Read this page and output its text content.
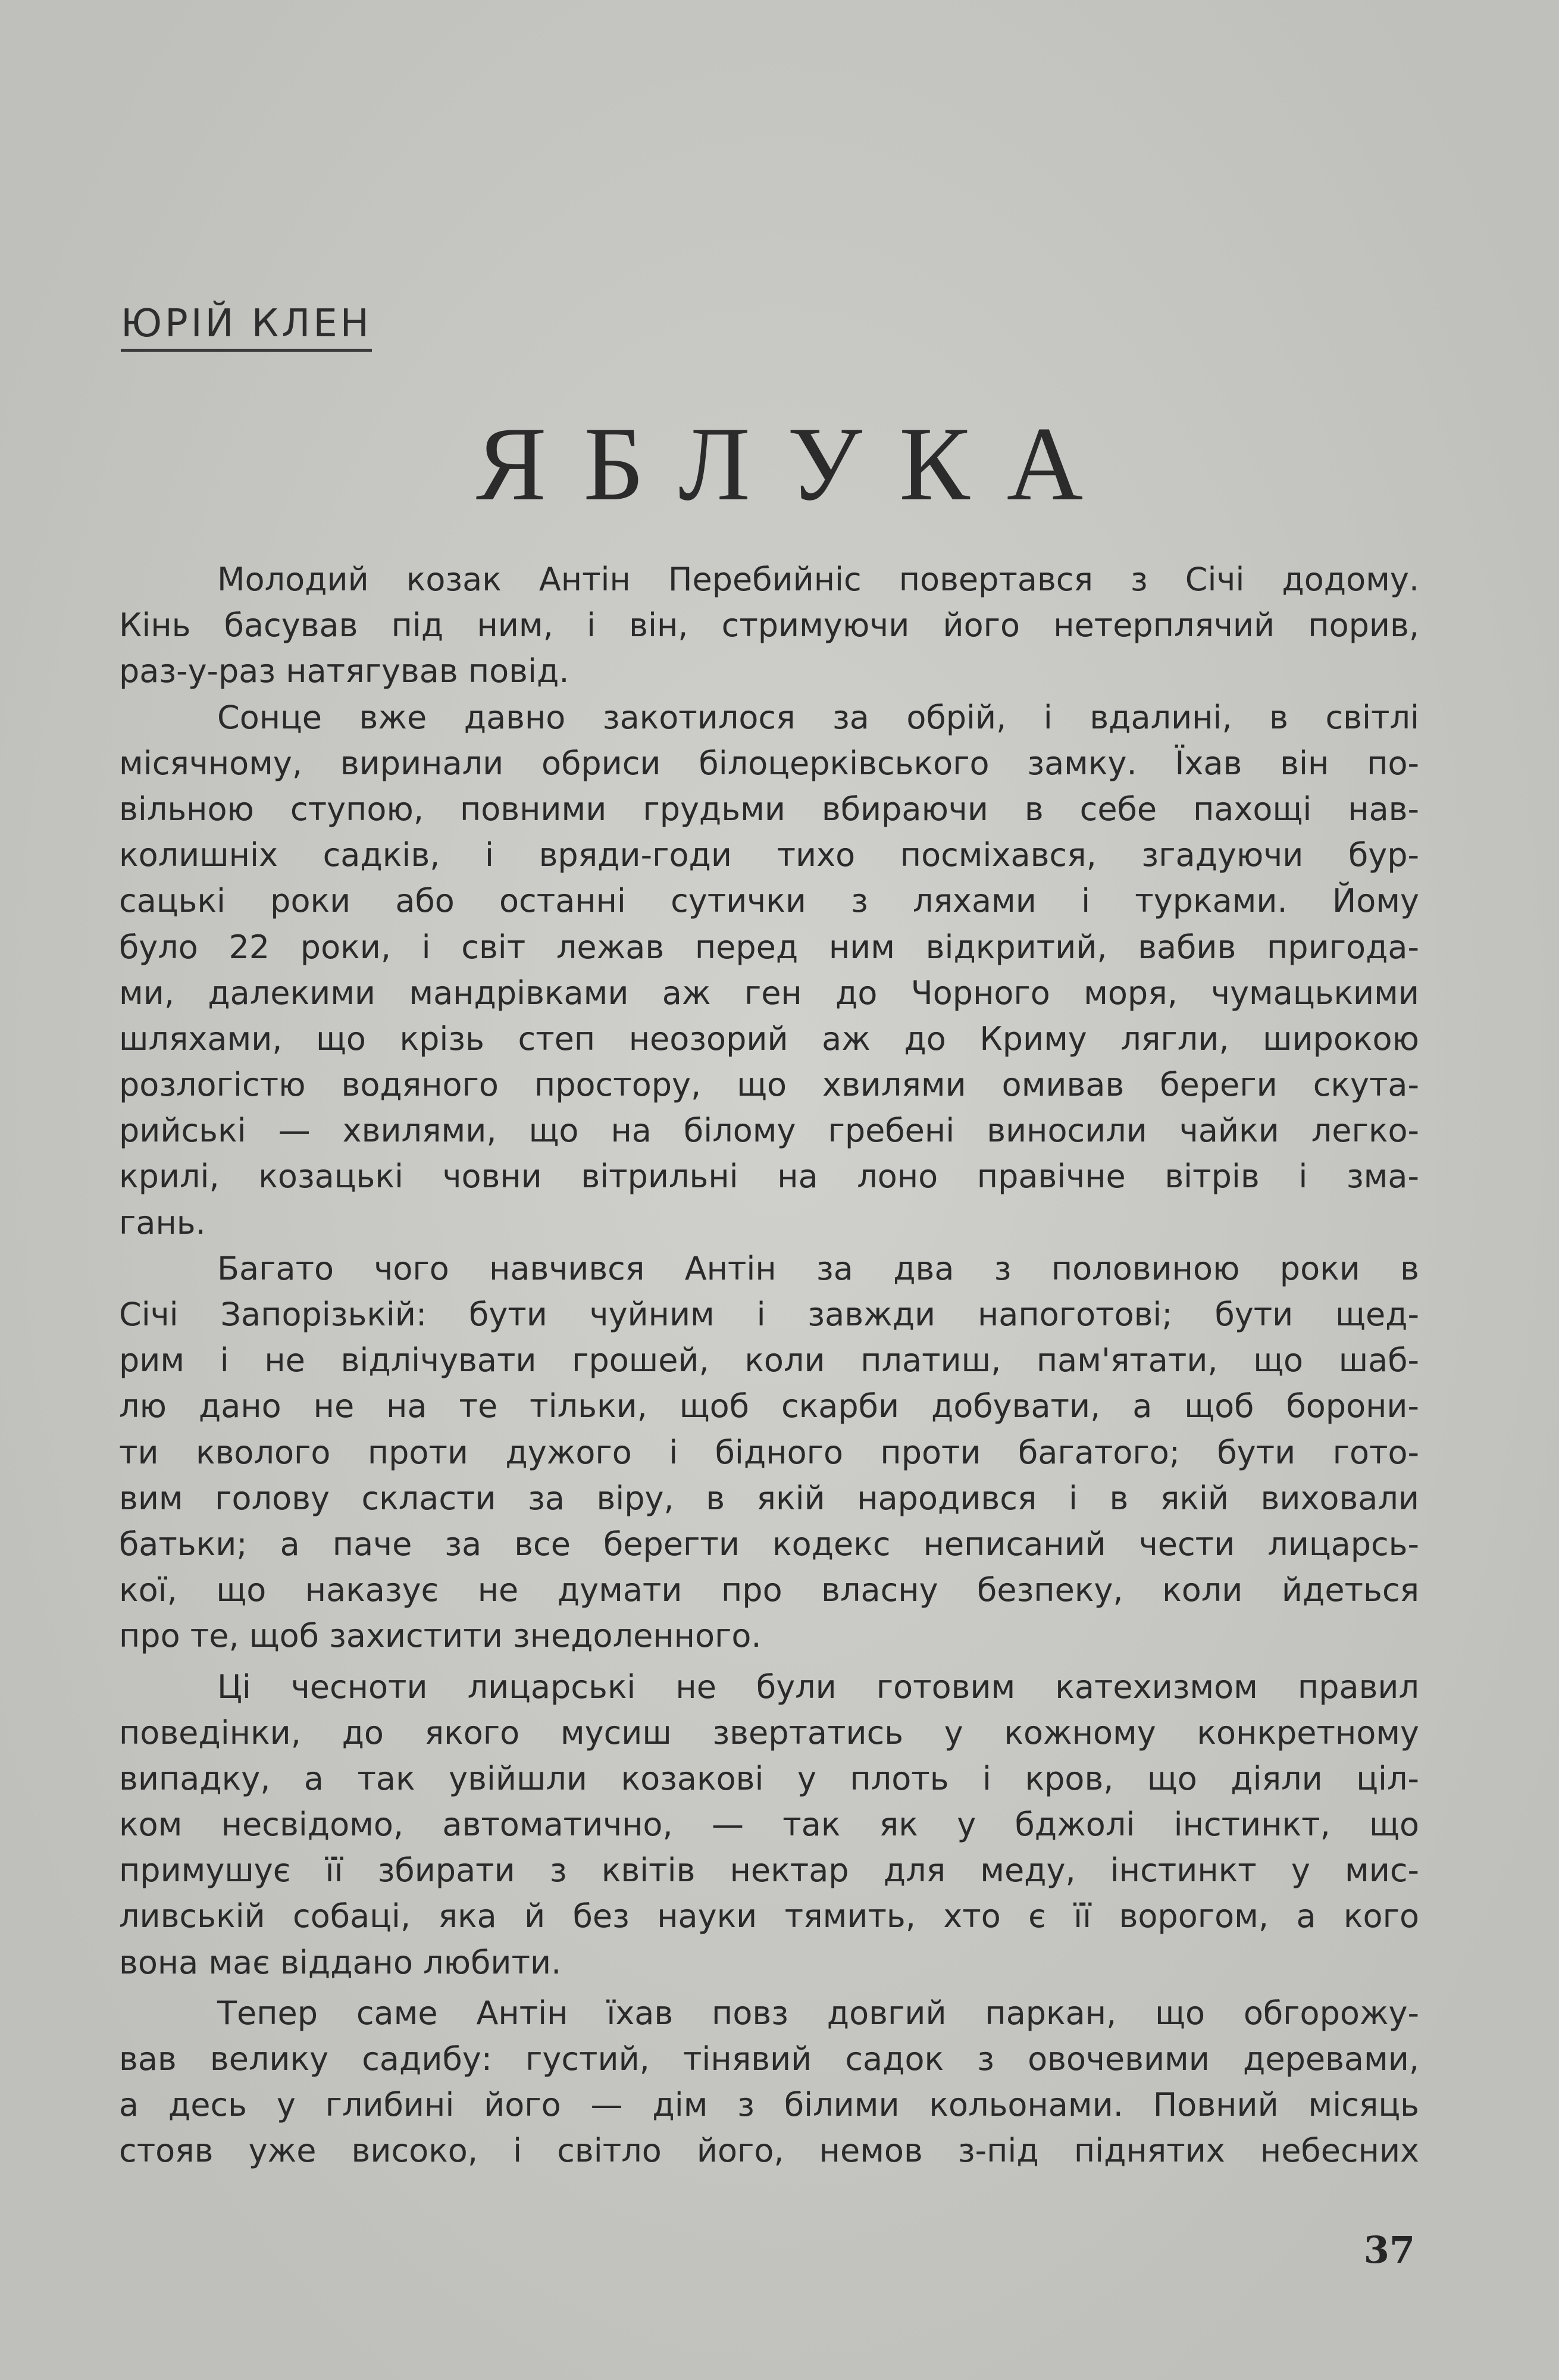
ЮРІЙ КЛЕН
ЯБЛУКА
Молодий козак Антін Перебийніс повертався з Січі додому.
Кінь басував під ним, і він, стримуючи його нетерплячий порив,
раз-у-раз натягував повід.
Сонце вже давно закотилося за обрій, і вдалині, в світлі
місячному, виринали обриси білоцерківського замку. Їхав він по-
вільною ступою, повними грудьми вбираючи в себе пахощі нав-
колишніх садків, і вряди-годи тихо посміхався, згадуючи бур-
сацькі роки або останні сутички з ляхами і турками. Йому
було 22 роки, і світ лежав перед ним відкритий, вабив пригода-
ми, далекими мандрівками аж ген до Чорного моря, чумацькими
шляхами, що крізь степ неозорий аж до Криму лягли, широкою
розлогістю водяного простору, що хвилями омивав береги скута-
рийські — хвилями, що на білому гребені виносили чайки легко-
крилі, козацькі човни вітрильні на лоно правічне вітрів і зма-
гань.
Багато чого навчився Антін за два з половиною роки в
Січі Запорізькій: бути чуйним і завжди напоготові; бути щед-
рим і не відлічувати грошей, коли платиш, пам'ятати, що шаб-
лю дано не на те тільки, щоб скарби добувати, а щоб борони-
ти кволого проти дужого і бідного проти багатого; бути гото-
вим голову скласти за віру, в якій народився і в якій виховали
батьки; а паче за все берегти кодекс неписаний чести лицарсь-
кої, що наказує не думати про власну безпеку, коли йдеться
про те, щоб захистити знедоленного.
Ці чесноти лицарські не були готовим катехизмом правил
поведінки, до якого мусиш звертатись у кожному конкретному
випадку, а так увійшли козакові у плоть і кров, що діяли ціл-
ком несвідомо, автоматично, — так як у бджолі інстинкт, що
примушує її збирати з квітів нектар для меду, інстинкт у мис-
ливській собаці, яка й без науки тямить, хто є її ворогом, а кого
вона має віддано любити.
Тепер саме Антін їхав повз довгий паркан, що обгорожу-
вав велику садибу: густий, тінявий садок з овочевими деревами,
а десь у глибині його — дім з білими кольонами. Повний місяць
стояв уже високо, і світло його, немов з-під піднятих небесних
37
